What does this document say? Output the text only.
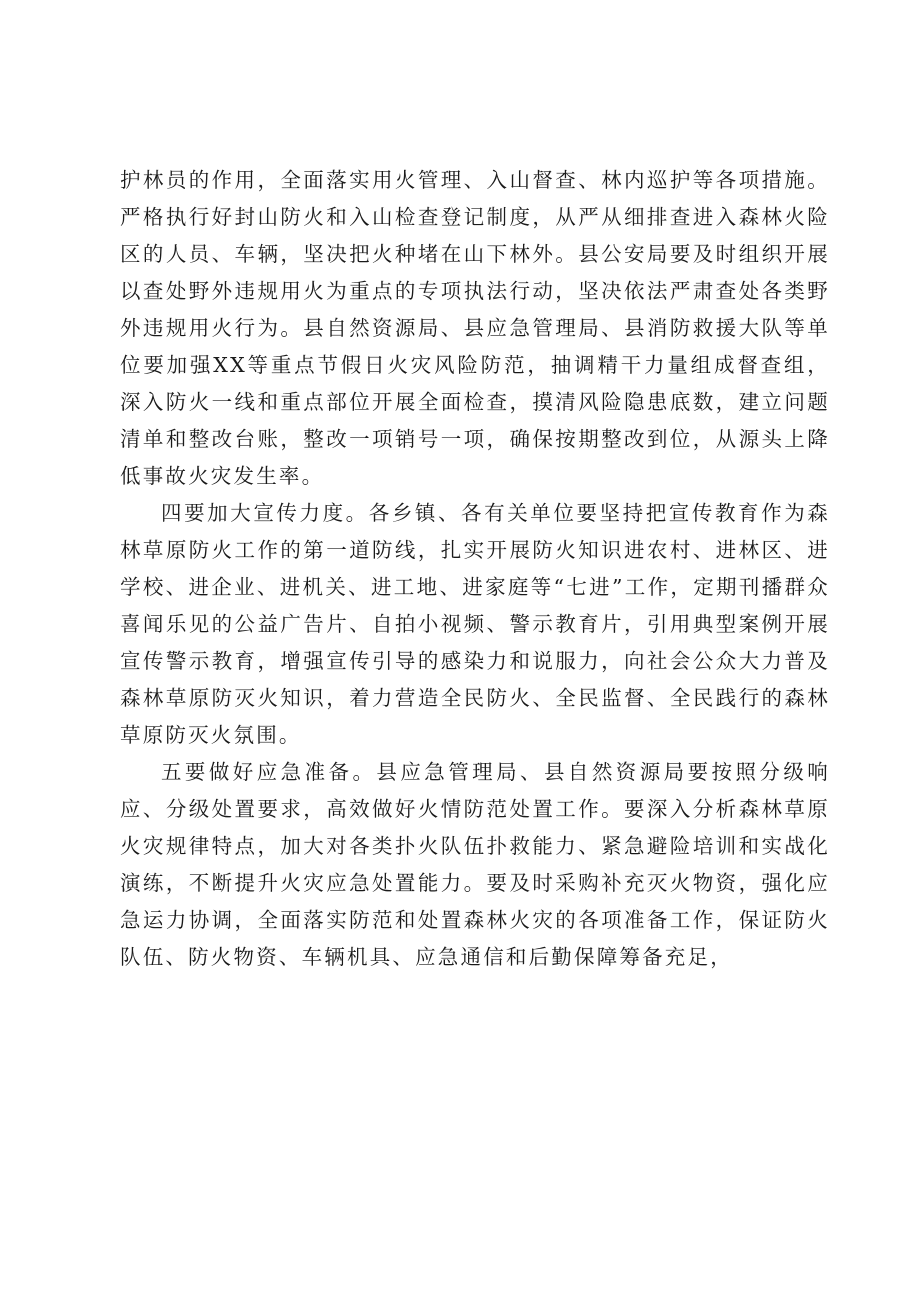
护林员的作用，全面落实用火管理、入山督查、林内巡护等各项措施。严格执行好封山防火和入山检查登记制度，从严从细排查进入森林火险区的人员、车辆，坚决把火种堵在山下林外。县公安局要及时组织开展以查处野外违规用火为重点的专项执法行动，坚决依法严肃查处各类野外违规用火行为。县自然资源局、县应急管理局、县消防救援大队等单位要加强XX等重点节假日火灾风险防范，抽调精干力量组成督查组，深入防火一线和重点部位开展全面检查，摸清风险隐患底数，建立问题清单和整改台账，整改一项销号一项，确保按期整改到位，从源头上降低事故火灾发生率。

四要加大宣传力度。各乡镇、各有关单位要坚持把宣传教育作为森林草原防火工作的第一道防线，扎实开展防火知识进农村、进林区、进学校、进企业、进机关、进工地、进家庭等“七进”工作，定期刊播群众喜闻乐见的公益广告片、自拍小视频、警示教育片，引用典型案例开展宣传警示教育，增强宣传引导的感染力和说服力，向社会公众大力普及森林草原防灭火知识，着力营造全民防火、全民监督、全民践行的森林草原防灭火氛围。

五要做好应急准备。县应急管理局、县自然资源局要按照分级响应、分级处置要求，高效做好火情防范处置工作。要深入分析森林草原火灾规律特点，加大对各类扑火队伍扑救能力、紧急避险培训和实战化演练，不断提升火灾应急处置能力。要及时采购补充灭火物资，强化应急运力协调，全面落实防范和处置森林火灾的各项准备工作，保证防火队伍、防火物资、车辆机具、应急通信和后勤保障筹备充足，
